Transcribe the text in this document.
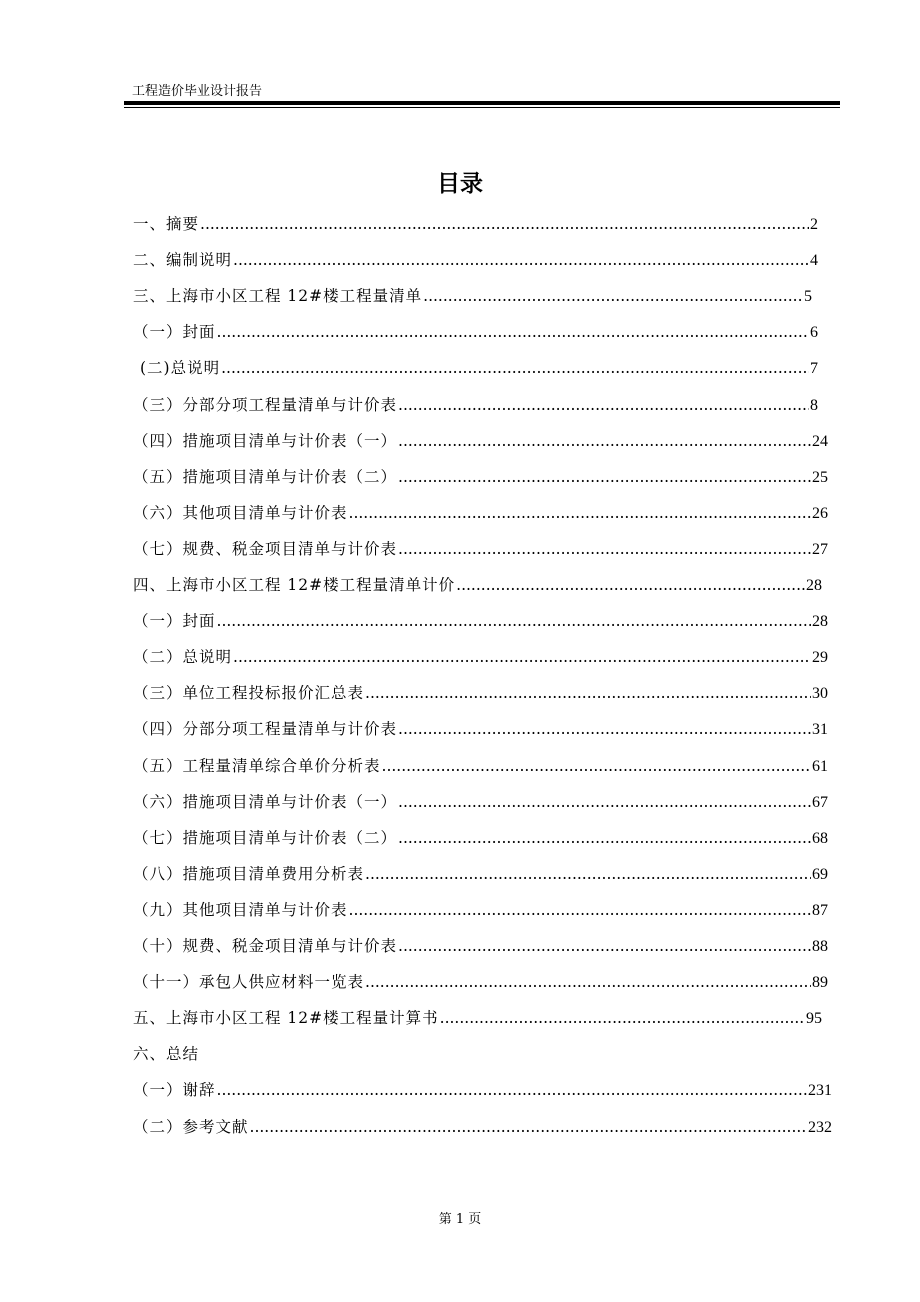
工程造价毕业设计报告
目录
一、摘要 .....	2
二、编制说明 .....	4
三、上海市小区工程 12#楼工程量清单 .....	5
（一）封面 .....	6
(二)总说明 .....	7
（三）分部分项工程量清单与计价表 .....	8
（四）措施项目清单与计价表（一） .....	24
（五）措施项目清单与计价表（二） .....	25
（六）其他项目清单与计价表 .....	26
（七）规费、税金项目清单与计价表 .....	27
四、上海市小区工程 12#楼工程量清单计价 .....	28
（一）封面 .....	28
（二）总说明 .....	29
（三）单位工程投标报价汇总表 .....	30
（四）分部分项工程量清单与计价表 .....	31
（五）工程量清单综合单价分析表 .....	61
（六）措施项目清单与计价表（一） .....	67
（七）措施项目清单与计价表（二） .....	68
（八）措施项目清单费用分析表 .....	69
（九）其他项目清单与计价表 .....	87
（十）规费、税金项目清单与计价表 .....	88
（十一）承包人供应材料一览表 .....	89
五、上海市小区工程 12#楼工程量计算书 .....	95
六、总结
（一）谢辞 .....	231
（二）参考文献 .....	232
第 1 页
